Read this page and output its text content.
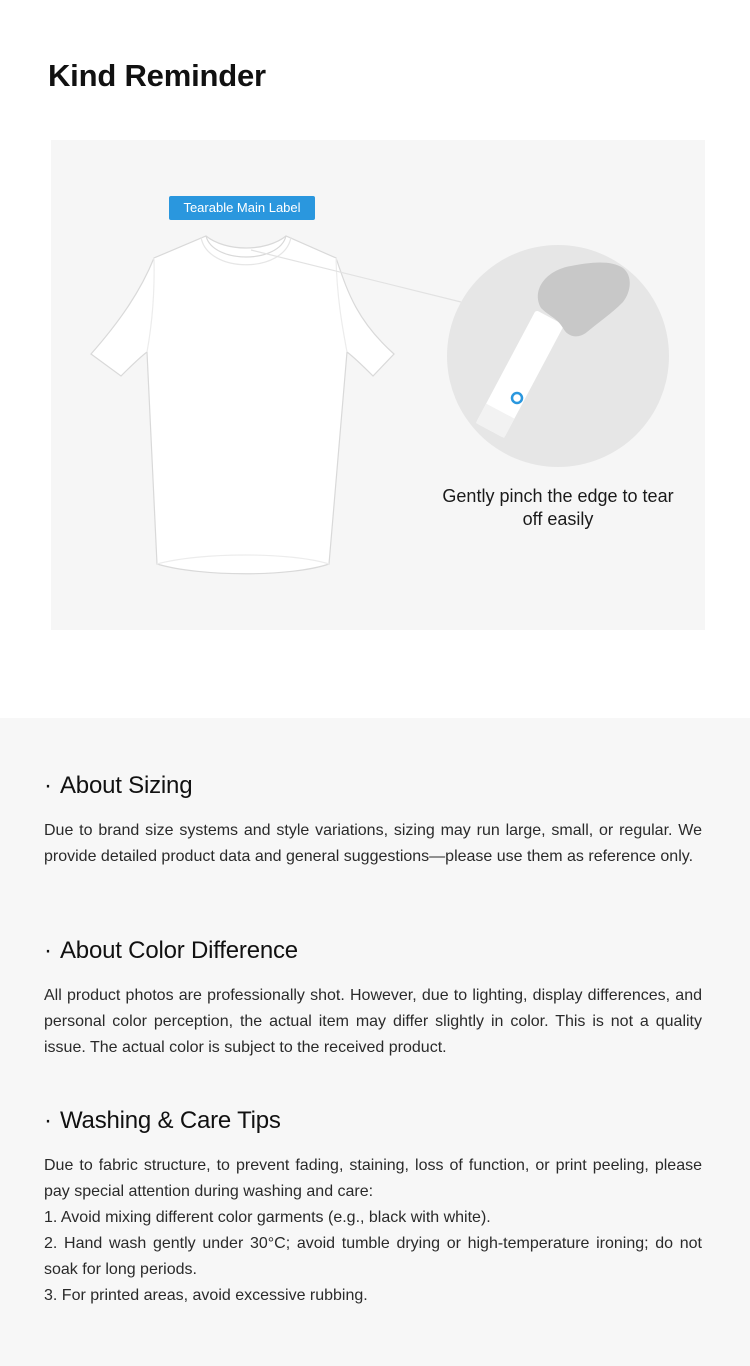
Kind Reminder
Tearable Main Label
Gently pinch the edge to tear off easily
· About Sizing

Due to brand size systems and style variations, sizing may run large, small, or regular. We provide detailed product data and general suggestions—please use them as reference only.

· About Color Difference

All product photos are professionally shot. However, due to lighting, display differences, and personal color perception, the actual item may differ slightly in color. This is not a quality issue. The actual color is subject to the received product.

· Washing & Care Tips

Due to fabric structure, to prevent fading, staining, loss of function, or print peeling, please pay special attention during washing and care:
1. Avoid mixing different color garments (e.g., black with white).
2. Hand wash gently under 30°C; avoid tumble drying or high-temperature ironing; do not soak for long periods.
3. For printed areas, avoid excessive rubbing.
